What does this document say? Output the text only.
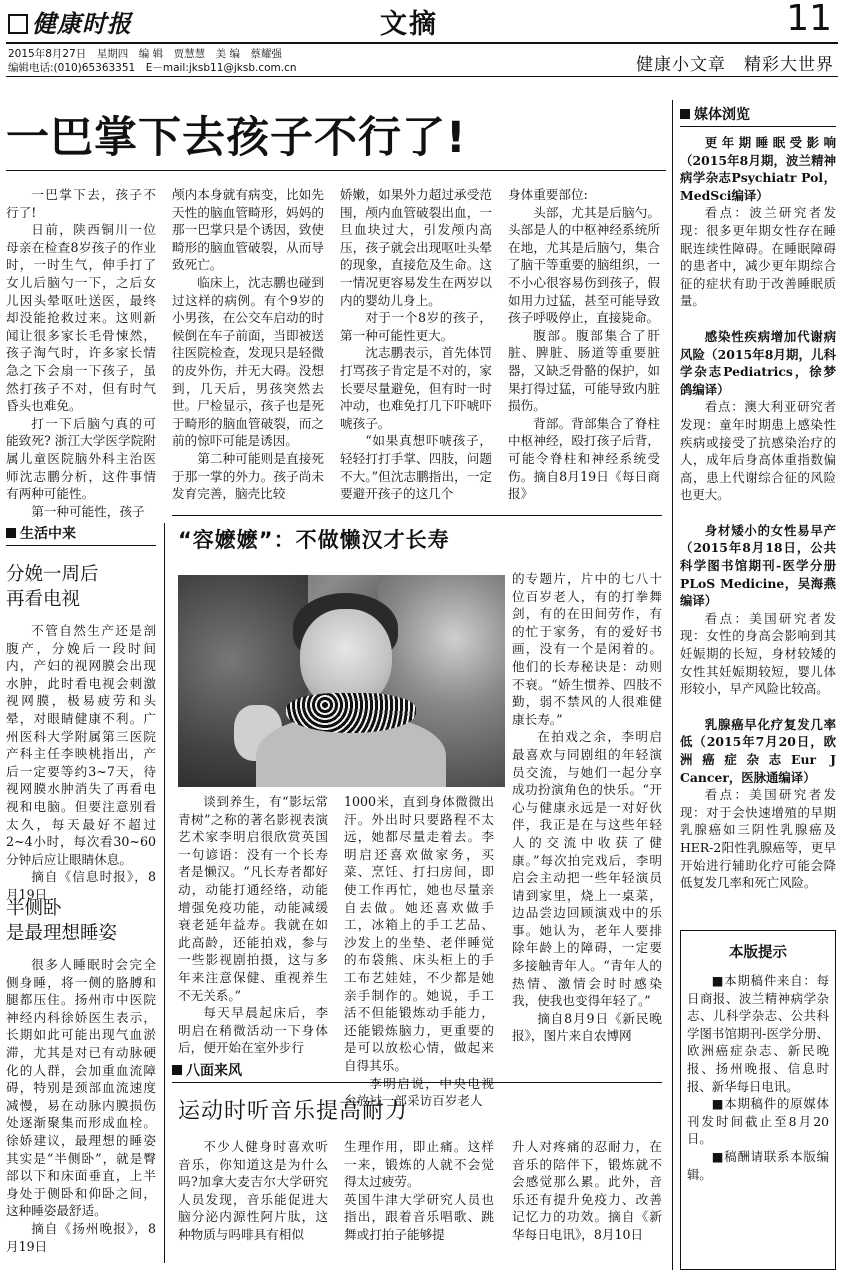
健康时报	文摘	11
2015年8月27日　星期四　编 辑　贾慧慧　美 编　蔡耀强
编辑电话:(010)65363351　E－mail:jksb11@jksb.com.cn	健康小文章　精彩大世界
一巴掌下去孩子不行了!

一巴掌下去，孩子不行了!

日前，陕西铜川一位母亲在检查8岁孩子的作业时，一时生气，伸手打了女儿后脑勺一下，之后女儿因头晕呕吐送医，最终却没能抢救过来。这则新闻让很多家长毛骨悚然，孩子淘气时，许多家长情急之下会扇一下孩子，虽然打孩子不对，但有时气昏头也难免。

打一下后脑勺真的可能致死? 浙江大学医学院附属儿童医院脑外科主治医师沈志鹏分析，这件事情有两种可能性。

第一种可能性，孩子

颅内本身就有病变，比如先天性的脑血管畸形，妈妈的那一巴掌只是个诱因，致使畸形的脑血管破裂，从而导致死亡。

临床上，沈志鹏也碰到过这样的病例。有个9岁的小男孩，在公交车启动的时候倒在车子前面，当即被送往医院检查，发现只是轻微的皮外伤，并无大碍。没想到，几天后，男孩突然去世。尸检显示，孩子也是死于畸形的脑血管破裂，而之前的惊吓可能是诱因。

第二种可能则是直接死于那一掌的外力。孩子尚未发育完善，脑壳比较

娇嫩，如果外力超过承受范围，颅内血管破裂出血，一旦血块过大，引发颅内高压，孩子就会出现呕吐头晕的现象，直接危及生命。这一情况更容易发生在两岁以内的婴幼儿身上。

对于一个8岁的孩子，第一种可能性更大。

沈志鹏表示，首先体罚打骂孩子肯定是不对的，家长要尽量避免，但有时一时冲动，也难免打几下吓唬吓唬孩子。

“如果真想吓唬孩子，轻轻打打手掌、四肢，问题不大。”但沈志鹏指出，一定要避开孩子的这几个

身体重要部位:

头部，尤其是后脑勺。头部是人的中枢神经系统所在地，尤其是后脑勺，集合了脑干等重要的脑组织，一不小心很容易伤到孩子，假如用力过猛，甚至可能导致孩子呼吸停止，直接毙命。

腹部。腹部集合了肝脏、脾脏、肠道等重要脏器，又缺乏骨骼的保护，如果打得过猛，可能导致内脏损伤。

背部。背部集合了脊柱中枢神经，殴打孩子后背，可能令脊柱和神经系统受伤。摘自8月19日《每日商报》

生活中来
分娩一周后
再看电视

不管自然生产还是剖腹产，分娩后一段时间内，产妇的视网膜会出现水肿，此时看电视会刺激视网膜，极易疲劳和头晕，对眼睛健康不利。广州医科大学附属第三医院产科主任李映桃指出，产后一定要等约3~7天，待视网膜水肿消失了再看电视和电脑。但要注意别看太久，每天最好不超过2~4小时，每次看30~60分钟后应让眼睛休息。

摘自《信息时报》，8月19日

半侧卧
是最理想睡姿

很多人睡眠时会完全侧身睡，将一侧的胳膊和腿都压住。扬州市中医院神经内科徐娇医生表示，长期如此可能出现气血淤滞，尤其是对已有动脉硬化的人群，会加重血流障碍，特别是颈部血流速度减慢，易在动脉内膜损伤处逐渐聚集而形成血栓。徐娇建议，最理想的睡姿其实是“半侧卧”，就是臀部以下和床面垂直，上半身处于侧卧和仰卧之间，这种睡姿最舒适。

摘自《扬州晚报》，8月19日

“容嬷嬷”：不做懒汉才长寿

的专题片，片中的七八十位百岁老人，有的打拳舞剑，有的在田间劳作，有的忙于家务，有的爱好书画，没有一个是闲着的。他们的长寿秘诀是：动则不衰。“娇生惯养、四肢不勤，弱不禁风的人很难健康长寿。”

在拍戏之余，李明启最喜欢与同剧组的年轻演员交流，与她们一起分享成功扮演角色的快乐。“开心与健康永远是一对好伙伴，我正是在与这些年轻人的交流中收获了健康。”每次拍完戏后，李明启会主动把一些年轻演员请到家里，烧上一桌菜，边品尝边回顾演戏中的乐事。她认为，老年人要排除年龄上的障碍，一定要多接触青年人。“青年人的热情、激情会时时感染我，使我也变得年轻了。”

摘自8月9日《新民晚报》，图片来自农博网

谈到养生，有“影坛常青树”之称的著名影视表演艺术家李明启很欣赏英国一句谚语：没有一个长寿者是懒汉。“凡长寿者都好动，动能打通经络，动能增强免疫功能，动能减缓衰老延年益寿。我就在如此高龄，还能拍戏，参与一些影视剧拍摄，这与多年来注意保健、重视养生不无关系。”

每天早晨起床后，李明启在稍微活动一下身体后，便开始在室外步行

1000米，直到身体微微出汗。外出时只要路程不太远，她都尽量走着去。李明启还喜欢做家务，买菜、烹饪、打扫房间，即使工作再忙，她也尽量亲自去做。她还喜欢做手工，冰箱上的手工艺品、沙发上的坐垫、老伴睡觉的布袋熊、床头柜上的手工布艺娃娃，不少都是她亲手制作的。她说，手工活不但能锻炼动手能力，还能锻炼脑力，更重要的是可以放松心情，做起来自得其乐。

李明启说，中央电视台放过一部采访百岁老人

八面来风
运动时听音乐提高耐力

不少人健身时喜欢听音乐，你知道这是为什么吗?加拿大麦吉尔大学研究人员发现，音乐能促进大脑分泌内源性阿片肽，这种物质与吗啡具有相似

生理作用，即止痛。这样一来，锻炼的人就不会觉得太过疲劳。
英国牛津大学研究人员也指出，跟着音乐唱歌、跳舞或打拍子能够提

升人对疼痛的忍耐力，在音乐的陪伴下，锻炼就不会感觉那么累。此外，音乐还有提升免疫力、改善记忆力的功效。摘自《新华每日电讯》，8月10日

媒体浏览

更年期睡眠受影响（2015年8月期，波兰精神病学杂志Psychiatr Pol，MedSci编译）

看点：波兰研究者发现：很多更年期女性存在睡眠连续性障碍。在睡眠障碍的患者中，减少更年期综合征的症状有助于改善睡眠质量。

感染性疾病增加代谢病风险（2015年8月期，儿科学杂志Pediatrics，徐梦鸽编译）

看点：澳大利亚研究者发现：童年时期患上感染性疾病或接受了抗感染治疗的人，成年后身高体重指数偏高，患上代谢综合征的风险也更大。

身材矮小的女性易早产（2015年8月18日，公共科学图书馆期刊-医学分册PLoS Medicine，吴海燕编译）

看点：美国研究者发现：女性的身高会影响到其妊娠期的长短，身材较矮的女性其妊娠期较短，婴儿体形较小，早产风险比较高。

乳腺癌早化疗复发几率低（2015年7月20日，欧洲癌症杂志Eur J Cancer，医脉通编译）

看点：美国研究者发现：对于会快速增殖的早期乳腺癌如三阴性乳腺癌及HER-2阳性乳腺癌等，更早开始进行辅助化疗可能会降低复发几率和死亡风险。

本版提示

■本期稿件来自：每日商报、波兰精神病学杂志、儿科学杂志、公共科学图书馆期刊-医学分册、欧洲癌症杂志、新民晚报、扬州晚报、信息时报、新华每日电讯。

■本期稿件的原媒体刊发时间截止至8月20日。

■稿酬请联系本版编辑。
